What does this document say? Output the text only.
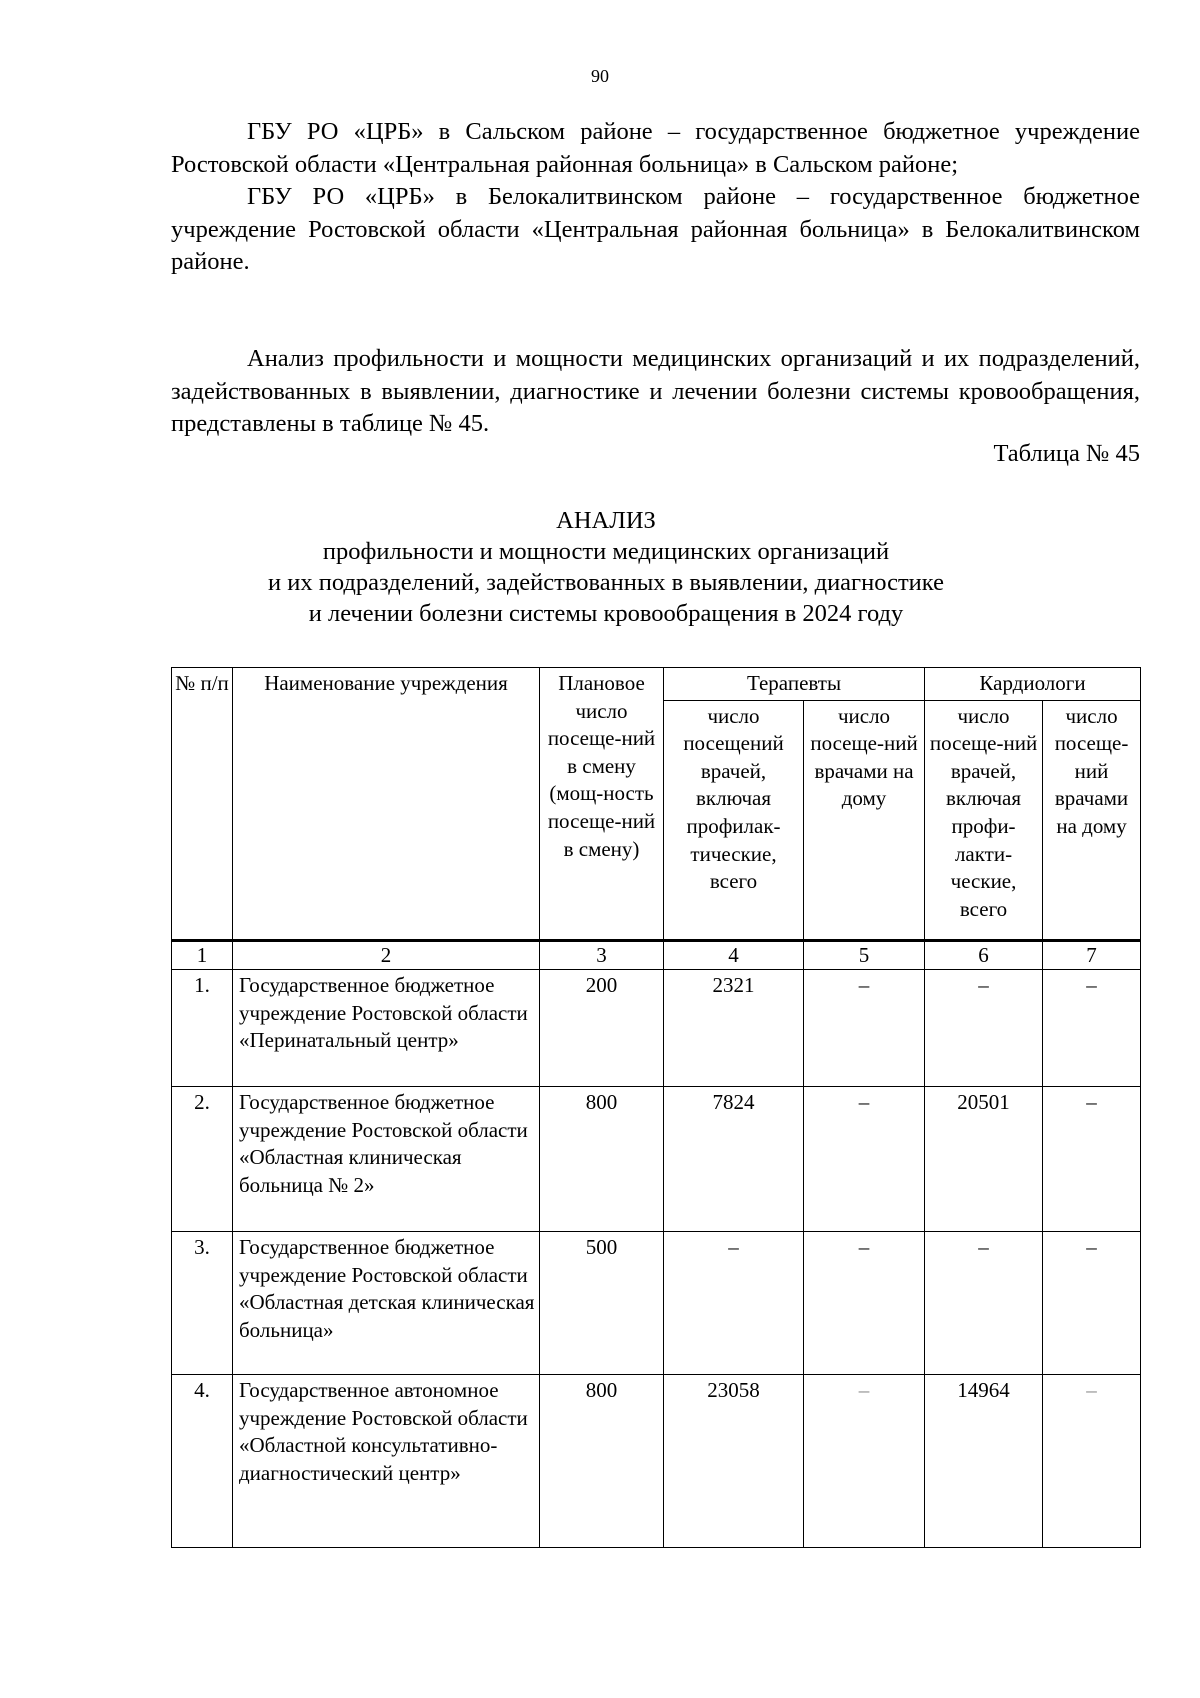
90

ГБУ РО «ЦРБ» в Сальском районе – государственное бюджетное учреждение Ростовской области «Центральная районная больница» в Сальском районе;

ГБУ РО «ЦРБ» в Белокалитвинском районе – государственное бюджетное учреждение Ростовской области «Центральная районная больница» в Белокалитвинском районе.

Анализ профильности и мощности медицинских организаций и их подразделений, задействованных в выявлении, диагностике и лечении болезни системы кровообращения, представлены в таблице № 45.

Таблица № 45
АНАЛИЗ
профильности и мощности медицинских организаций
и их подразделений, задействованных в выявлении, диагностике
и лечении болезни системы кровообращения в 2024 году
№ п/п	Наименование учреждения	Плановое число посеще-ний в смену (мощ-ность посеще-ний в смену)	Терапевты		Кардиологи	
			число посещений врачей, включая профилак-тические, всего	число посеще-ний врачами на дому	число посеще-ний врачей, включая профи-лакти-ческие, всего	число посеще-ний врачами на дому
1	2	3	4	5	6	7
1.	Государственное бюджетное учреждение Ростовской области «Перинатальный центр»	200	2321	–	–	–
2.	Государственное бюджетное учреждение Ростовской области «Областная клиническая больница № 2»	800	7824	–	20501	–
3.	Государственное бюджетное учреждение Ростовской области «Областная детская клиническая больница»	500	–	–	–	–
4.	Государственное автономное учреждение Ростовской области «Областной консультативно-диагностический центр»	800	23058	–	14964	–
